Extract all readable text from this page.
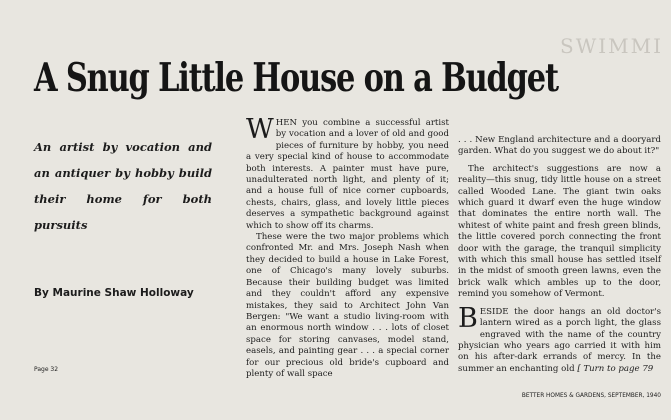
SWIMMI
A Snug Little House on a Budget
An artist by vocation and an antiquer by hobby build their home for both pursuits
By Maurine Shaw Holloway
Page 32

WHEN you combine a successful artist by vocation and a lover of old and good pieces of furniture by hobby, you need a very special kind of house to accommodate both interests. A painter must have pure, unadulterated north light, and plenty of it; and a house full of nice corner cupboards, chests, chairs, glass, and lovely little pieces deserves a sympathetic background against which to show off its charms.

These were the two major problems which confronted Mr. and Mrs. Joseph Nash when they decided to build a house in Lake Forest, one of Chicago's many lovely suburbs. Because their building budget was limited and they couldn't afford any expensive mistakes, they said to Architect John Van Bergen: "We want a studio living-room with an enormous north window . . . lots of closet space for storing canvases, model stand, easels, and painting gear . . . a special corner for our precious old bride's cupboard and plenty of wall space

. . . New England architecture and a dooryard garden. What do you suggest we do about it?"

The architect's suggestions are now a reality—this snug, tidy little house on a street called Wooded Lane. The giant twin oaks which guard it dwarf even the huge window that dominates the entire north wall. The whitest of white paint and fresh green blinds, the little covered porch connecting the front door with the garage, the tranquil simplicity with which this small house has settled itself in the midst of smooth green lawns, even the brick walk which ambles up to the door, remind you somehow of Vermont.

BESIDE the door hangs an old doctor's lantern wired as a porch light, the glass engraved with the name of the country physician who years ago carried it with him on his after-dark errands of mercy. In the summer an enchanting old [ Turn to page 79

BETTER HOMES & GARDENS, SEPTEMBER, 1940
